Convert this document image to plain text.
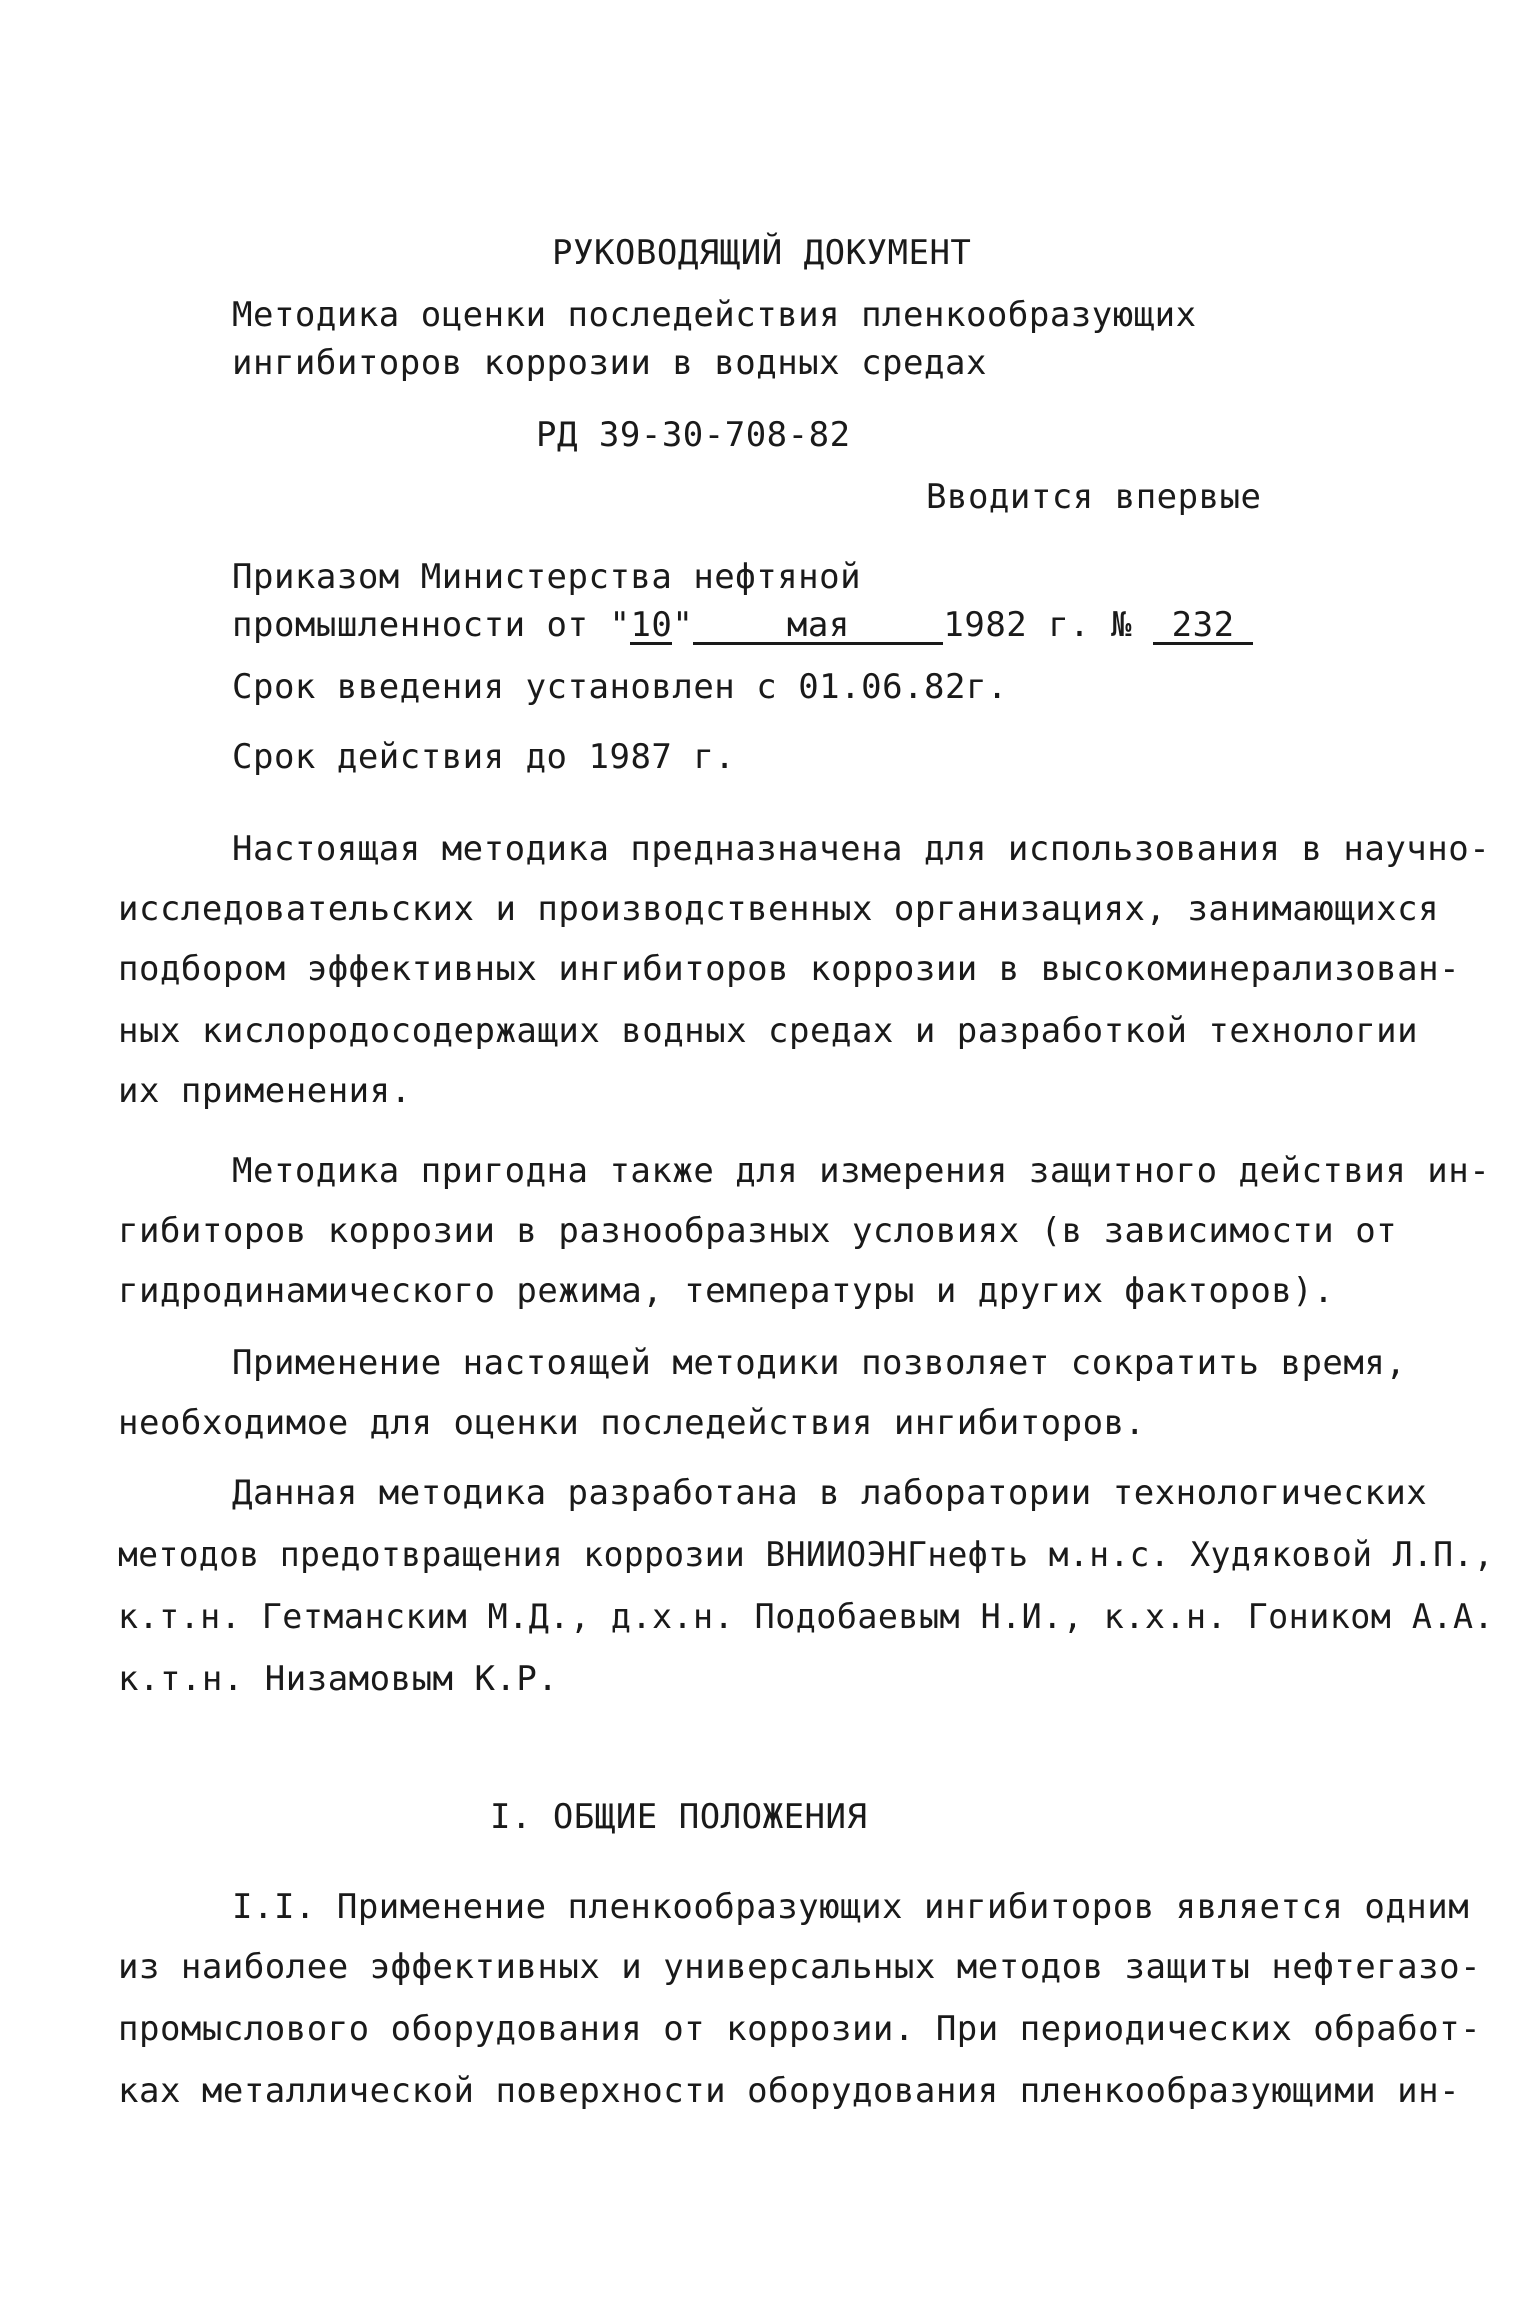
РУКОВОДЯЩИЙ ДОКУМЕНТ
Методика оценки последействия пленкообразующих
ингибиторов коррозии в водных средах
РД 39-30-708-82
Вводится впервые
Приказом Министерства нефтяной
промышленности от "10"	мая	1982 г. № 232
Срок введения установлен с 01.06.82г.
Срок действия до 1987 г.
Настоящая методика предназначена для использования в научно-
исследовательских и производственных организациях, занимающихся
подбором эффективных ингибиторов коррозии в высокоминерализован-
ных кислородосодержащих водных средах и разработкой технологии
их применения.
Методика пригодна также для измерения защитного действия ин-
гибиторов коррозии в разнообразных условиях (в зависимости от
гидродинамического режима, температуры и других факторов).
Применение настоящей методики позволяет сократить время,
необходимое для оценки последействия ингибиторов.
Данная методика разработана в лаборатории технологических
методов предотвращения коррозии ВНИИОЭНГнефть м.н.с. Худяковой Л.П.,
к.т.н. Гетманским М.Д., д.х.н. Подобаевым Н.И., к.х.н. Гоником А.А.
к.т.н. Низамовым К.Р.
I. ОБЩИЕ ПОЛОЖЕНИЯ
I.I. Применение пленкообразующих ингибиторов является одним
из наиболее эффективных и универсальных методов защиты нефтегазо-
промыслового оборудования от коррозии. При периодических обработ-
ках металлической поверхности оборудования пленкообразующими ин-
